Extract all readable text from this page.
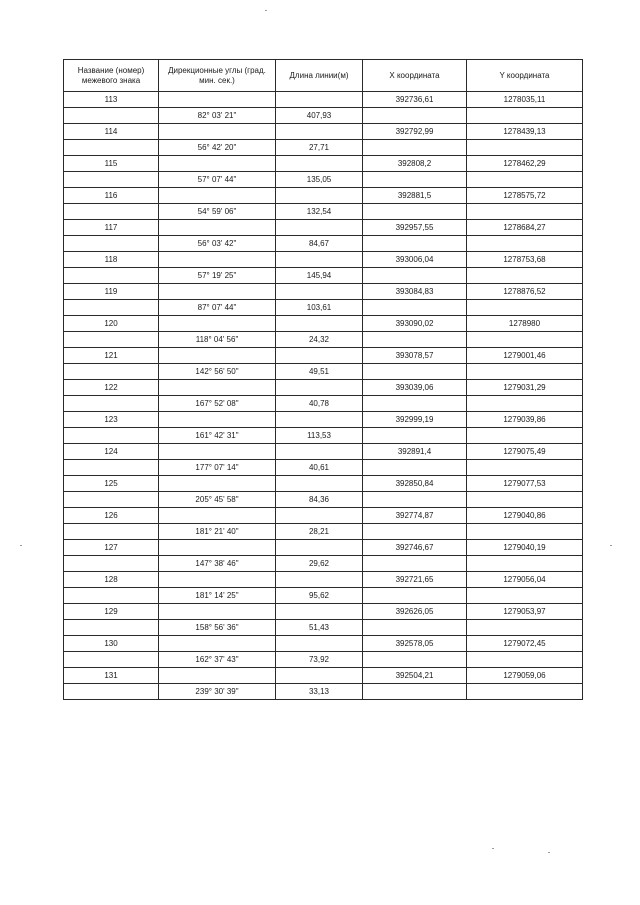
Название (номер) межевого знака	Дирекционные углы (град. мин. сек.)	Длина линии(м)	X координата	Y координата
113			392736,61	1278035,11
	82° 03' 21"	407,93		
114			392792,99	1278439,13
	56° 42' 20"	27,71		
115			392808,2	1278462,29
	57° 07' 44"	135,05		
116			392881,5	1278575,72
	54° 59' 06"	132,54		
117			392957,55	1278684,27
	56° 03' 42"	84,67		
118			393006,04	1278753,68
	57° 19' 25"	145,94		
119			393084,83	1278876,52
	87° 07' 44"	103,61		
120			393090,02	1278980
	118° 04' 56"	24,32		
121			393078,57	1279001,46
	142° 56' 50"	49,51		
122			393039,06	1279031,29
	167° 52' 08"	40,78		
123			392999,19	1279039,86
	161° 42' 31"	113,53		
124			392891,4	1279075,49
	177° 07' 14"	40,61		
125			392850,84	1279077,53
	205° 45' 58"	84,36		
126			392774,87	1279040,86
	181° 21' 40"	28,21		
127			392746,67	1279040,19
	147° 38' 46"	29,62		
128			392721,65	1279056,04
	181° 14' 25"	95,62		
129			392626,05	1279053,97
	158° 56' 36"	51,43		
130			392578,05	1279072,45
	162° 37' 43"	73,92		
131			392504,21	1279059,06
	239° 30' 39"	33,13		
